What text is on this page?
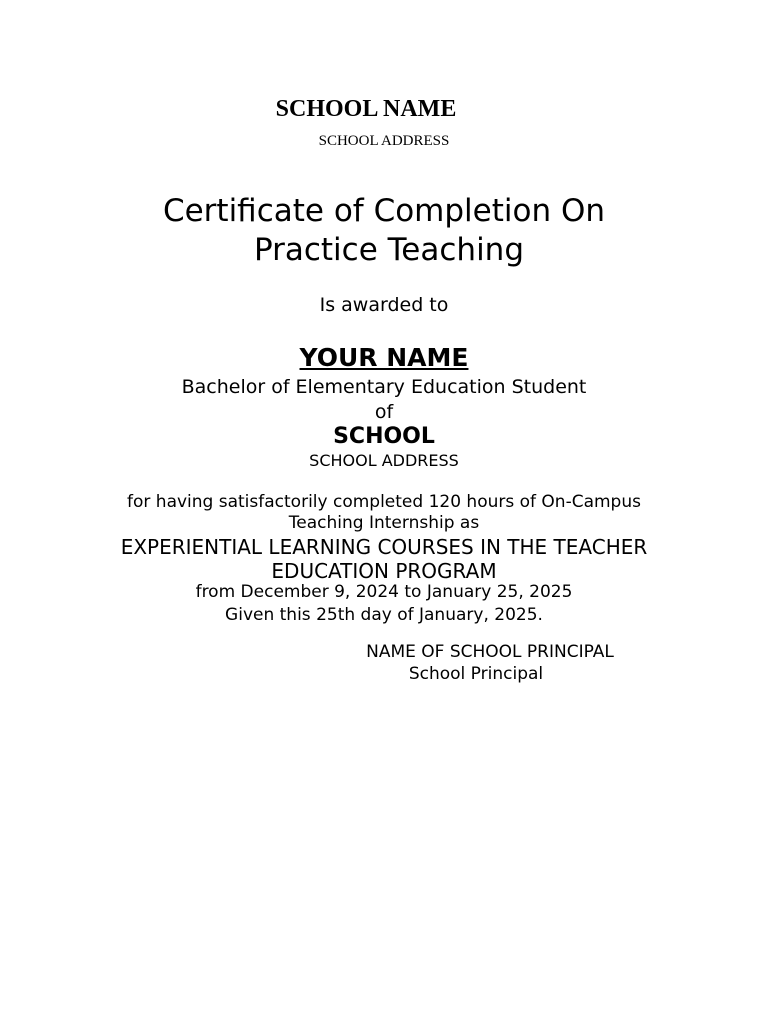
SCHOOL NAME
SCHOOL ADDRESS
Certificate of Completion On
Practice Teaching
Is awarded to
YOUR NAME
Bachelor of Elementary Education Student
of
SCHOOL
SCHOOL ADDRESS
for having satisfactorily completed 120 hours of On-Campus
Teaching Internship as
EXPERIENTIAL LEARNING COURSES IN THE TEACHER
EDUCATION PROGRAM
from December 9, 2024 to January 25, 2025
Given this 25th day of January, 2025.
NAME OF SCHOOL PRINCIPAL
School Principal
